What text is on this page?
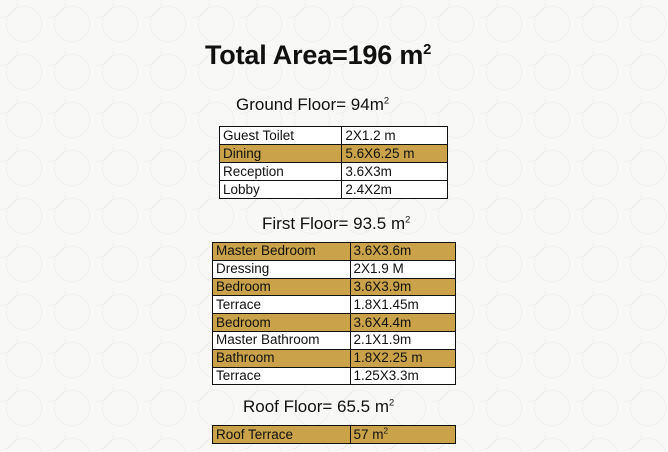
Total Area=196 $m^2$
Ground Floor= $94m^2$
Guest Toilet	2X1.2 m
Dining	5.6X6.25 m
Reception	3.6X3m
Lobby	2.4X2m
First Floor= 93.5 $m^2$
Master Bedroom	3.6X3.6m
Dressing	2X1.9 M
Bedroom	3.6X3.9m
Terrace	1.8X1.45m
Bedroom	3.6X4.4m
Master Bathroom	2.1X1.9m
Bathroom	1.8X2.25 m
Terrace	1.25X3.3m
Roof Floor= 65.5 $m^2$
Roof Terrace	57 $m^2$
